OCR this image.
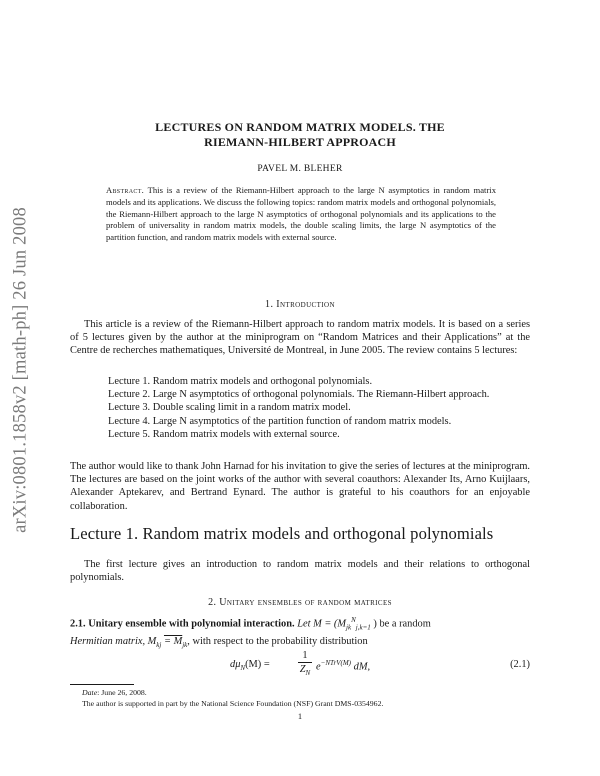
arXiv:0801.1858v2 [math-ph] 26 Jun 2008
LECTURES ON RANDOM MATRIX MODELS. THE
RIEMANN-HILBERT APPROACH
PAVEL M. BLEHER
Abstract. This is a review of the Riemann-Hilbert approach to the large N asymptotics in random matrix models and its applications. We discuss the following topics: random matrix models and orthogonal polynomials, the Riemann-Hilbert approach to the large N asymptotics of orthogonal polynomials and its applications to the problem of universality in random matrix models, the double scaling limits, the large N asymptotics of the partition function, and random matrix models with external source.
1. Introduction
This article is a review of the Riemann-Hilbert approach to random matrix models. It is based on a series of 5 lectures given by the author at the miniprogram on “Random Matrices and their Applications” at the Centre de recherches mathematiques, Université de Montreal, in June 2005. The review contains 5 lectures:
Lecture 1. Random matrix models and orthogonal polynomials.
Lecture 2. Large N asymptotics of orthogonal polynomials. The Riemann-Hilbert approach.
Lecture 3. Double scaling limit in a random matrix model.
Lecture 4. Large N asymptotics of the partition function of random matrix models.
Lecture 5. Random matrix models with external source.
The author would like to thank John Harnad for his invitation to give the series of lectures at the miniprogram. The lectures are based on the joint works of the author with several coauthors: Alexander Its, Arno Kuijlaars, Alexander Aptekarev, and Bertrand Eynard. The author is grateful to his coauthors for an enjoyable collaboration.
Lecture 1. Random matrix models and orthogonal polynomials
The first lecture gives an introduction to random matrix models and their relations to orthogonal polynomials.
2. Unitary ensembles of random matrices
2.1. Unitary ensemble with polynomial interaction. Let $M = (M_{jk}^N_{j,k=1}$ ) be a random
Hermitian matrix, $M_{kj} = M_{jk}$, with respect to the probability distribution
$d\mu_N(M)$ =
1
$Z_N$
$e^{-NTrV(M)}$ dM,	(2.1)
Date: June 26, 2008.
The author is supported in part by the National Science Foundation (NSF) Grant DMS-0354962.
1
